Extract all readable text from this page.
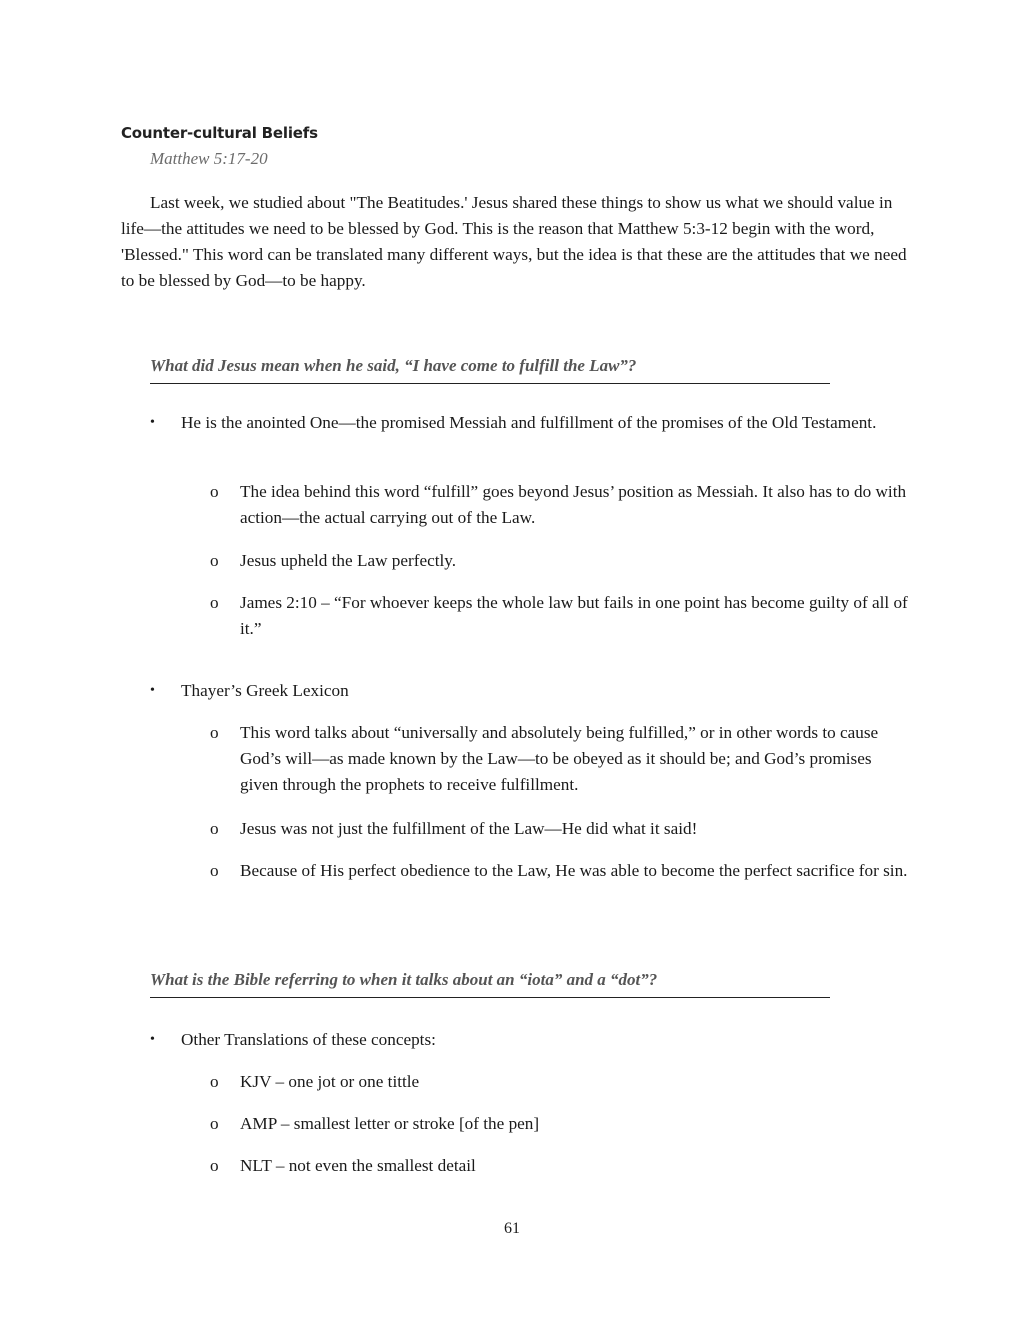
Counter-cultural Beliefs
Matthew 5:17-20

Last week, we studied about "The Beatitudes.' Jesus shared these things to show us what we should value in life—the attitudes we need to be blessed by God. This is the reason that Matthew 5:3-12 begin with the word, 'Blessed." This word can be translated many different ways, but the idea is that these are the attitudes that we need to be blessed by God—to be happy.

What did Jesus mean when he said, “I have come to fulfill the Law”?
•	He is the anointed One—the promised Messiah and fulfillment of the promises of the Old Testament.
o The idea behind this word “fulfill” goes beyond Jesus’ position as Messiah. It also has to do with action—the actual carrying out of the Law.
o Jesus upheld the Law perfectly.
o James 2:10 – “For whoever keeps the whole law but fails in one point has become guilty of all of it.”
•	Thayer’s Greek Lexicon
o This word talks about “universally and absolutely being fulfilled,” or in other words to cause God’s will—as made known by the Law—to be obeyed as it should be; and God’s promises given through the prophets to receive fulfillment.
o Jesus was not just the fulfillment of the Law—He did what it said!
o Because of His perfect obedience to the Law, He was able to become the perfect sacrifice for sin.
What is the Bible referring to when it talks about an “iota” and a “dot”?
•	Other Translations of these concepts:
o KJV – one jot or one tittle
o AMP – smallest letter or stroke [of the pen]
o NLT – not even the smallest detail
61
